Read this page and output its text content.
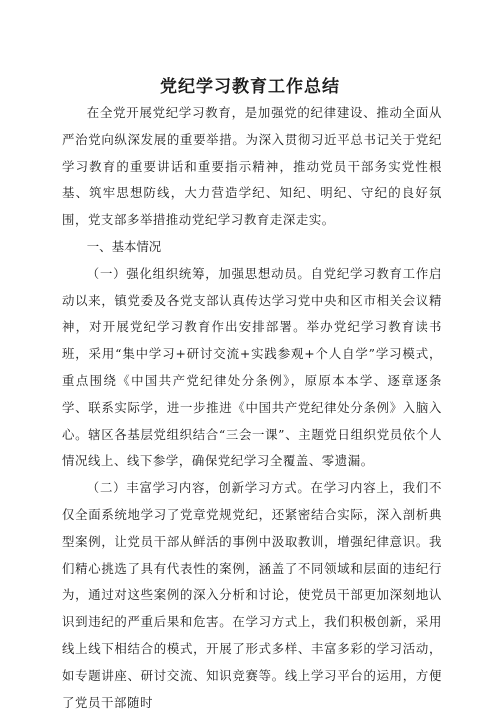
党纪学习教育工作总结

在全党开展党纪学习教育，是加强党的纪律建设、推动全面从严治党向纵深发展的重要举措。为深入贯彻习近平总书记关于党纪学习教育的重要讲话和重要指示精神，推动党员干部务实党性根基、筑牢思想防线，大力营造学纪、知纪、明纪、守纪的良好氛围，党支部多举措推动党纪学习教育走深走实。

一、基本情况

（一）强化组织统筹，加强思想动员。自党纪学习教育工作启动以来，镇党委及各党支部认真传达学习党中央和区市相关会议精神，对开展党纪学习教育作出安排部署。举办党纪学习教育读书班，采用“集中学习+研讨交流+实践参观+个人自学”学习模式，重点围绕《中国共产党纪律处分条例》，原原本本学、逐章逐条学、联系实际学，进一步推进《中国共产党纪律处分条例》入脑入心。辖区各基层党组织结合“三会一课”、主题党日组织党员依个人情况线上、线下参学，确保党纪学习全覆盖、零遗漏。

（二）丰富学习内容，创新学习方式。在学习内容上，我们不仅全面系统地学习了党章党规党纪，还紧密结合实际，深入剖析典型案例，让党员干部从鲜活的事例中汲取教训，增强纪律意识。我们精心挑选了具有代表性的案例，涵盖了不同领域和层面的违纪行为，通过对这些案例的深入分析和讨论，使党员干部更加深刻地认识到违纪的严重后果和危害。在学习方式上，我们积极创新，采用线上线下相结合的模式，开展了形式多样、丰富多彩的学习活动，如专题讲座、研讨交流、知识竞赛等。线上学习平台的运用，方便了党员干部随时
